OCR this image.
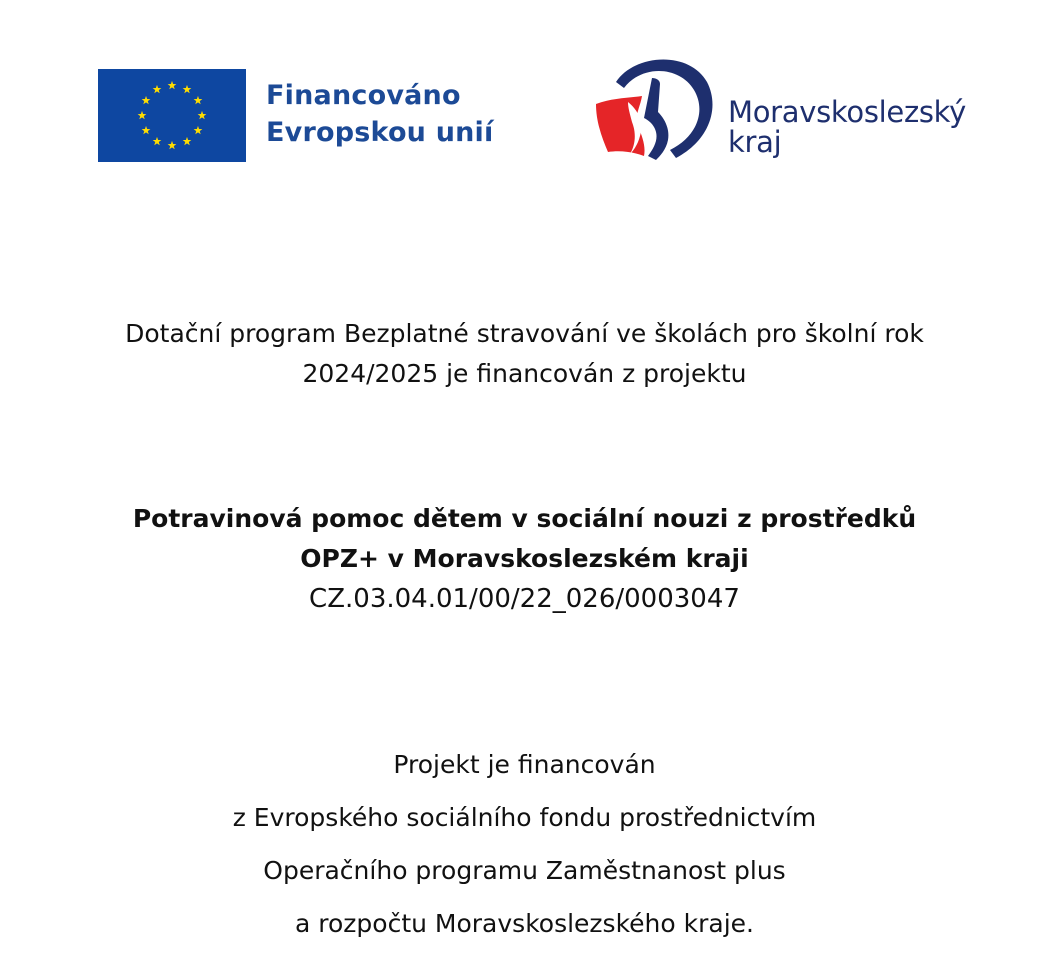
Financováno
Evropskou unií
Moravskoslezský
kraj
Dotační program Bezplatné stravování ve školách pro školní rok
2024/2025 je financován z projektu
Potravinová pomoc dětem v sociální nouzi z prostředků
OPZ+ v Moravskoslezském kraji
CZ.03.04.01/00/22_026/0003047
Projekt je financován
z Evropského sociálního fondu prostřednictvím
Operačního programu Zaměstnanost plus
a rozpočtu Moravskoslezského kraje.
